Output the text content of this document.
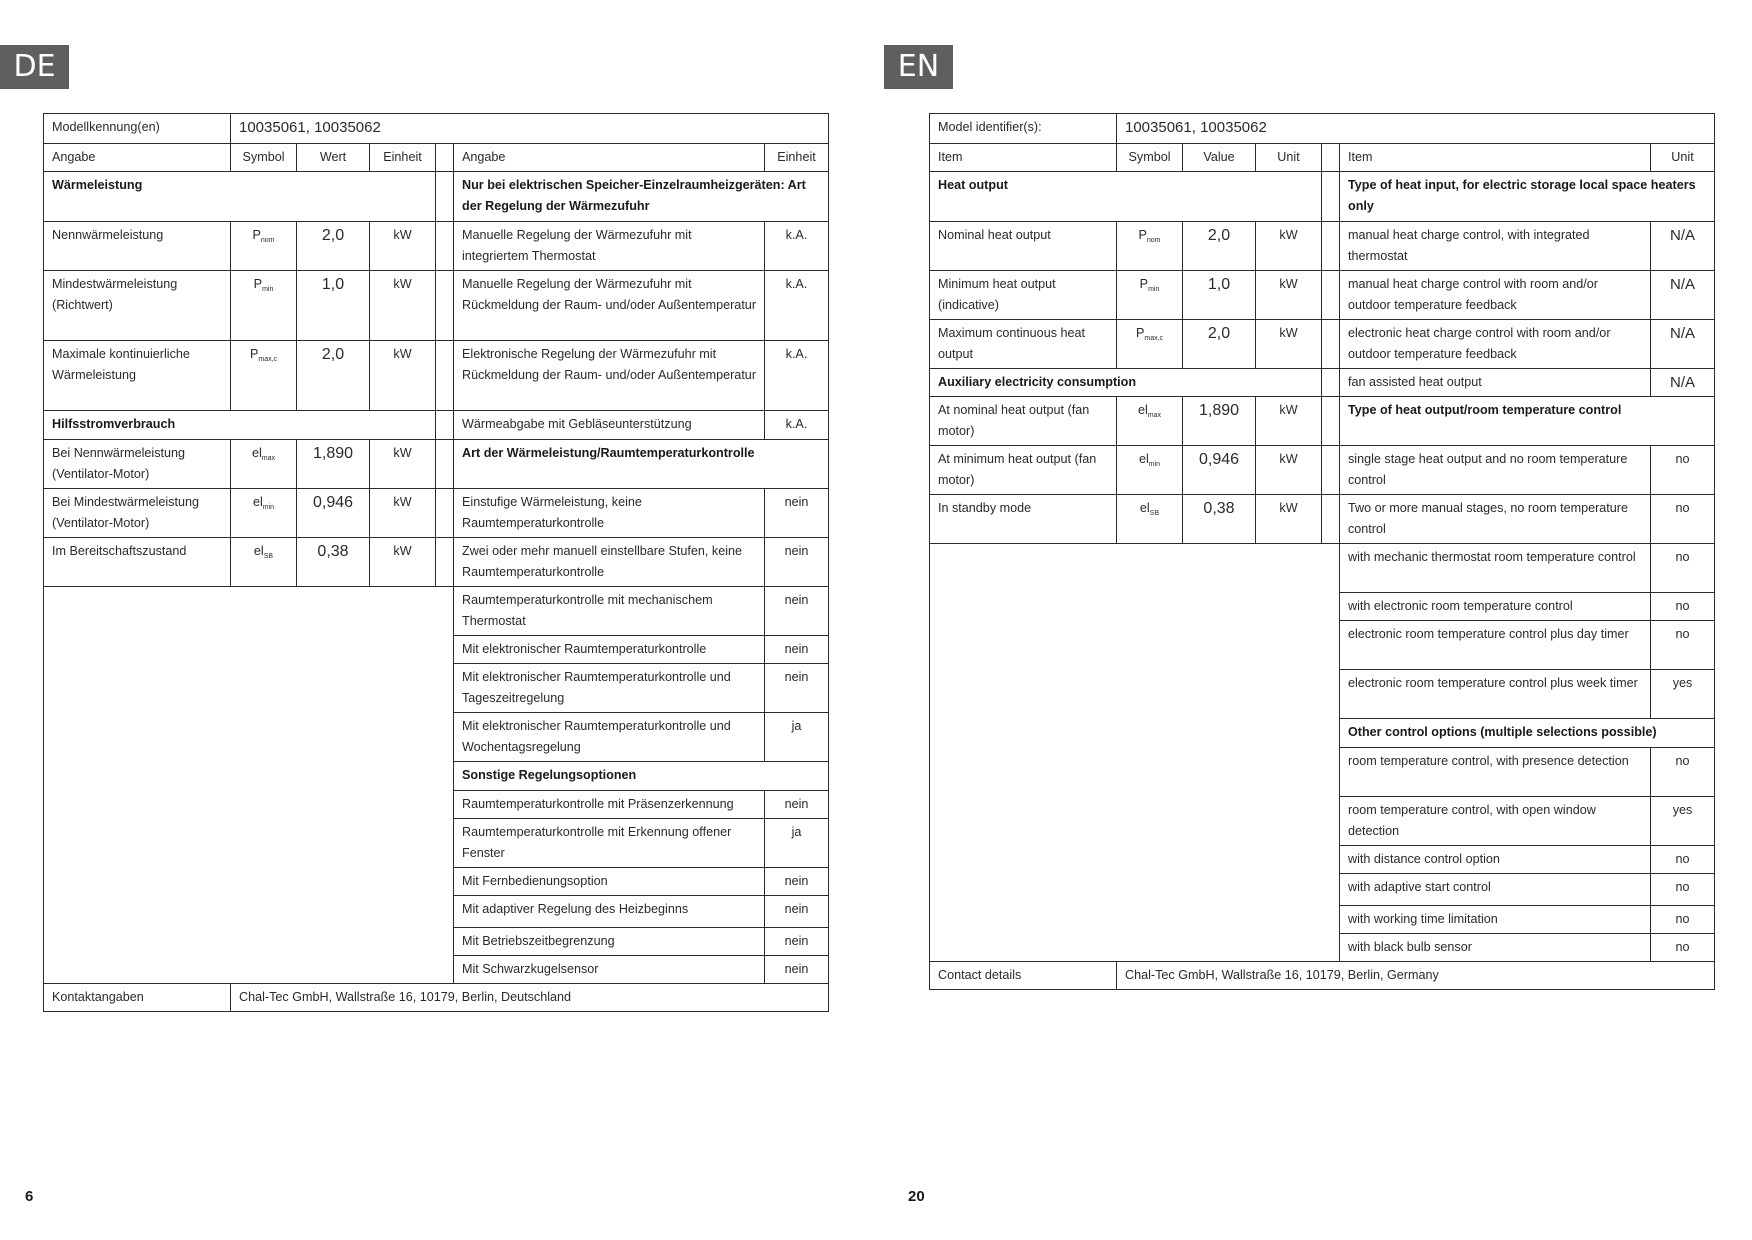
DE	EN
Modellkennung(en)	10035061, 10035062					
Angabe	Symbol	Wert	Einheit		Angabe	Einheit
Wärmeleistung					Nur bei elektrischen Speicher-Einzelraumheizgeräten: Art der Regelung der Wärmezufuhr	
Nennwärmeleistung	$P_{nom}$	2,0	kW		Manuelle Regelung der Wärmezufuhr mit integriertem Thermostat	k.A.
Mindestwärmeleistung (Richtwert)	$P_{min}$	1,0	kW		Manuelle Regelung der Wärmezufuhr mit Rückmeldung der Raum- und/oder Außentemperatur	k.A.
Maximale kontinuierliche Wärmeleistung	$P_{max,c}$	2,0	kW		Elektronische Regelung der Wärmezufuhr mit Rückmeldung der Raum- und/oder Außentemperatur	k.A.
Hilfsstromverbrauch					Wärmeabgabe mit Gebläseunterstützung	k.A.
Bei Nennwärmeleistung (Ventilator-Motor)	$el_{max}$	1,890	kW		Art der Wärmeleistung/Raumtemperaturkontrolle	
Bei Mindestwärmeleistung (Ventilator-Motor)	$el_{min}$	0,946	kW		Einstufige Wärmeleistung, keine Raumtemperaturkontrolle	nein
Im Bereitschaftszustand	$el_{SB}$	0,38	kW		Zwei oder mehr manuell einstellbare Stufen, keine Raumtemperaturkontrolle	nein
					Raumtemperaturkontrolle mit mechanischem Thermostat	nein
					Mit elektronischer Raumtemperaturkontrolle	nein
					Mit elektronischer Raumtemperaturkontrolle und Tageszeitregelung	nein
					Mit elektronischer Raumtemperaturkontrolle und Wochentagsregelung	ja
					Sonstige Regelungsoptionen	
					Raumtemperaturkontrolle mit Präsenzerkennung	nein
					Raumtemperaturkontrolle mit Erkennung offener Fenster	ja
					Mit Fernbedienungsoption	nein
					Mit adaptiver Regelung des Heizbeginns	nein
					Mit Betriebszeitbegrenzung	nein
					Mit Schwarzkugelsensor	nein

Kontaktangaben	Chal-Tec GmbH, Wallstraße 16, 10179, Berlin, Deutschland					
Model identifier(s):	10035061, 10035062					
Item	Symbol	Value	Unit		Item	Unit
Heat output					Type of heat input, for electric storage local space heaters only	
Nominal heat output	$P_{nom}$	2,0	kW		manual heat charge control, with integrated thermostat	N/A
Minimum heat output (indicative)	$P_{min}$	1,0	kW		manual heat charge control with room and/or outdoor temperature feedback	N/A
Maximum continuous heat output	$P_{max,c}$	2,0	kW		electronic heat charge control with room and/or outdoor temperature feedback	N/A
Auxiliary electricity consumption					fan assisted heat output	N/A
At nominal heat output (fan motor)	$el_{max}$	1,890	kW		Type of heat output/room temperature control	
At minimum heat output (fan motor)	$el_{min}$	0,946	kW		single stage heat output and no room temperature control	no
In standby mode	$el_{SB}$	0,38	kW		Two or more manual stages, no room temperature control	no
					with mechanic thermostat room temperature control	no
					with electronic room temperature control	no
					electronic room temperature control plus day timer	no
					electronic room temperature control plus week timer	yes
					Other control options (multiple selections possible)	
					room temperature control, with presence detection	no
					room temperature control, with open window detection	yes
					with distance control option	no
					with adaptive start control	no
					with working time limitation	no
					with black bulb sensor	no
Contact details	Chal-Tec GmbH, Wallstraße 16, 10179, Berlin, Germany					
6	20
